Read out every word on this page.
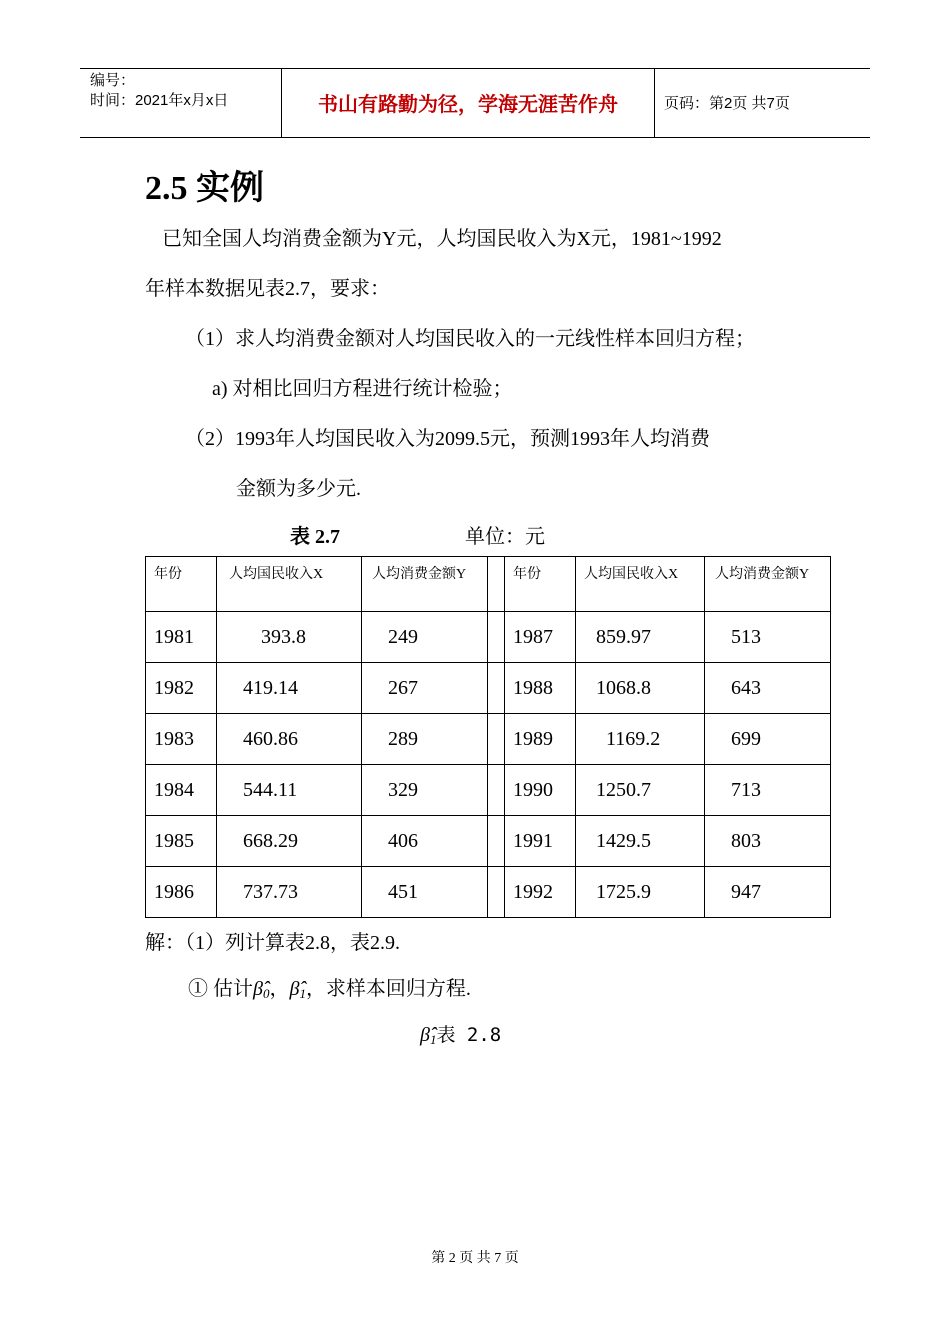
编号：
时间：2021年x月x日	书山有路勤为径，学海无涯苦作舟	页码：第2页 共7页
2.5 实例
已知全国人均消费金额为Y元，人均国民收入为X元，1981~1992
年样本数据见表2.7，要求：
（1）求人均消费金额对人均国民收入的一元线性样本回归方程；
a) 对相比回归方程进行统计检验；
（2）1993年人均国民收入为2099.5元，预测1993年人均消费
金额为多少元.
表 2.7	单位：元
年份	人均国民收入X	人均消费金额Y		年份	人均国民收入X	人均消费金额Y
1981	393.8	249		1987	859.97	513
1982	419.14	267		1988	1068.8	643
1983	460.86	289		1989	1169.2	699
1984	544.11	329		1990	1250.7	713
1985	668.29	406		1991	1429.5	803
1986	737.73	451		1992	1725.9	947
解：（1）列计算表2.8，表2.9.
① 估计$\betâ_0$，$\betâ_1$，求样本回归方程.
$\betâ_1$表 2.8
第 2 页 共 7 页
